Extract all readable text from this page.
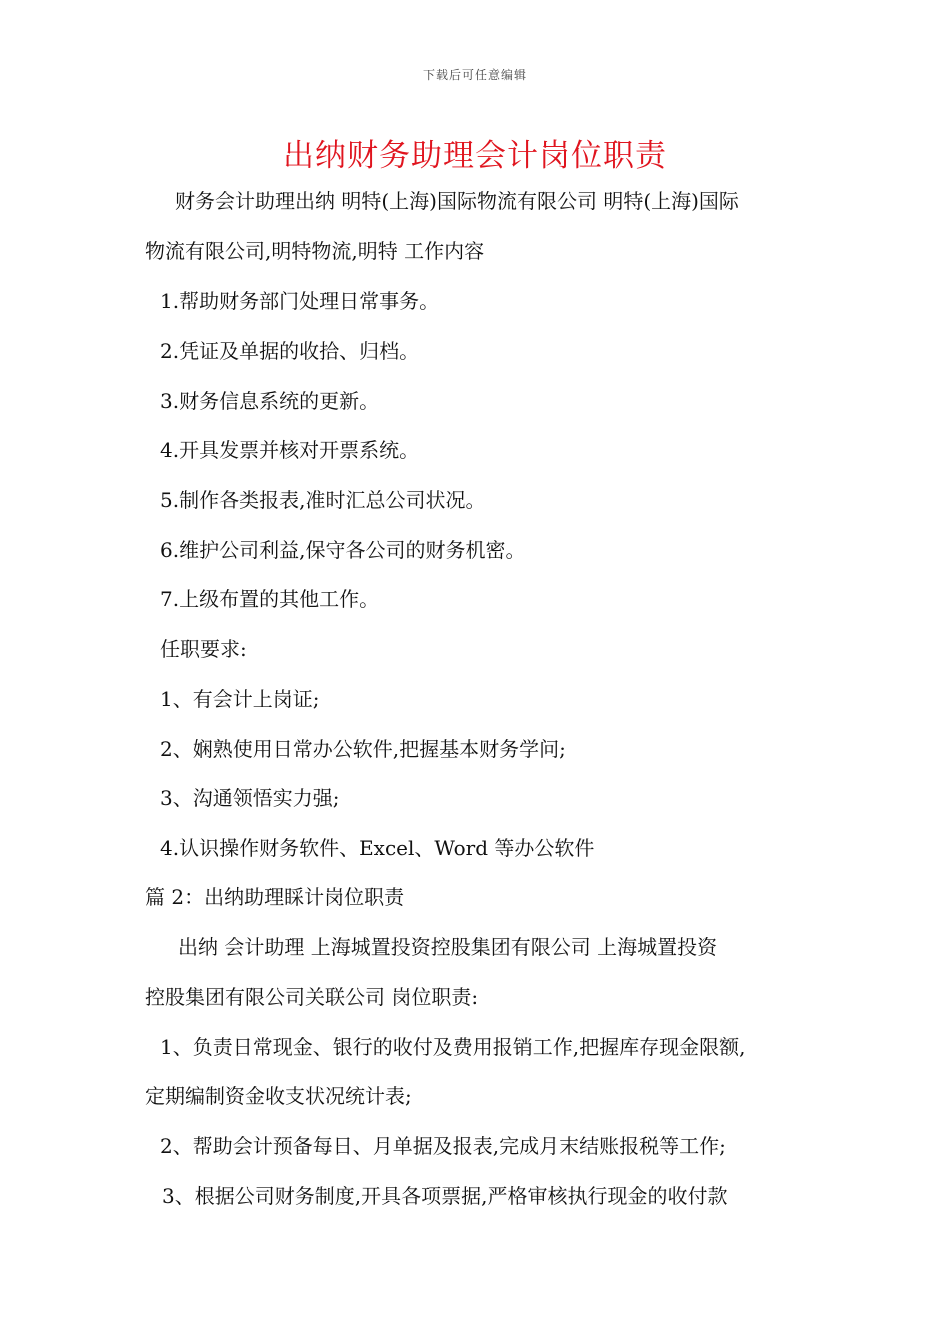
下载后可任意编辑
出纳财务助理会计岗位职责
财务会计助理出纳 明特(上海)国际物流有限公司 明特(上海)国际
物流有限公司,明特物流,明特 工作内容
1.帮助财务部门处理日常事务。
2.凭证及单据的收拾、归档。
3.财务信息系统的更新。
4.开具发票并核对开票系统。
5.制作各类报表,准时汇总公司状况。
6.维护公司利益,保守各公司的财务机密。
7.上级布置的其他工作。
任职要求:
1、有会计上岗证;
2、娴熟使用日常办公软件,把握基本财务学问;
3、沟通领悟实力强;
4.认识操作财务软件、Excel、Word 等办公软件
篇 2：出纳助理睬计岗位职责
出纳 会计助理 上海城置投资控股集团有限公司 上海城置投资
控股集团有限公司关联公司 岗位职责:
1、负责日常现金、银行的收付及费用报销工作,把握库存现金限额,
定期编制资金收支状况统计表;
2、帮助会计预备每日、月单据及报表,完成月末结账报税等工作;
3、根据公司财务制度,开具各项票据,严格审核执行现金的收付款
